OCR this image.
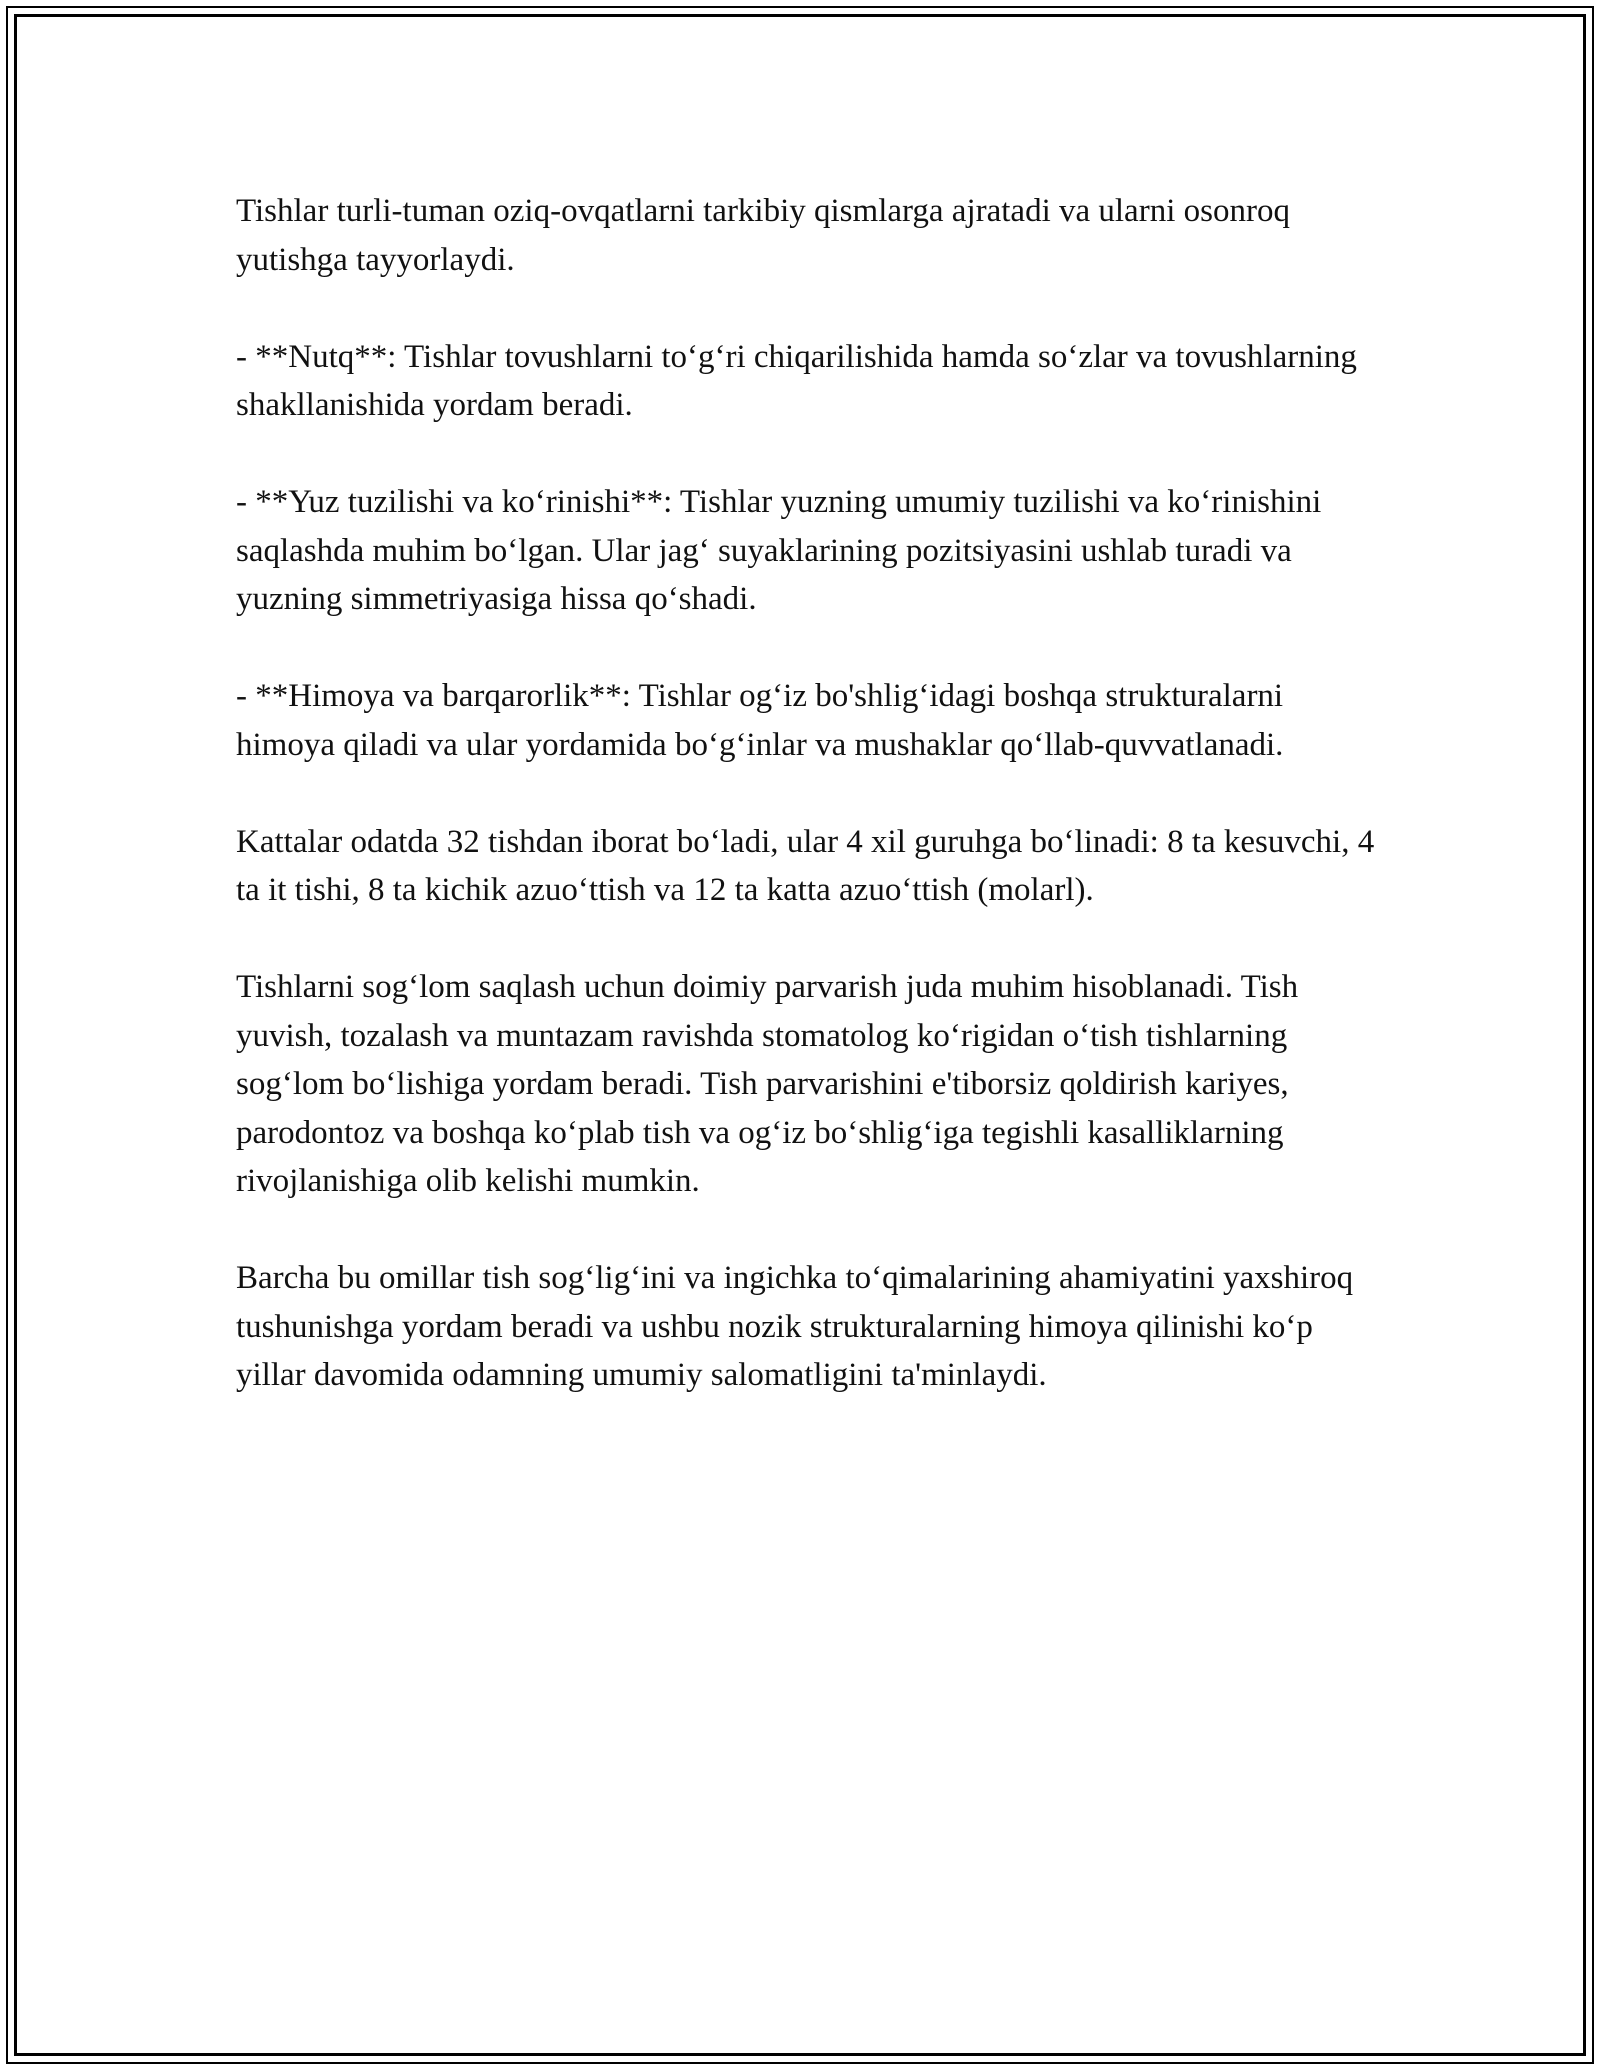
Tishlar turli-tuman oziq-ovqatlarni tarkibiy qismlarga ajratadi va ularni osonroq yutishga tayyorlaydi.

- **Nutq**: Tishlar tovushlarni to‘g‘ri chiqarilishida hamda so‘zlar va tovushlarning shakllanishida yordam beradi.

- **Yuz tuzilishi va ko‘rinishi**: Tishlar yuzning umumiy tuzilishi va ko‘rinishini saqlashda muhim bo‘lgan. Ular jag‘ suyaklarining pozitsiyasini ushlab turadi va yuzning simmetriyasiga hissa qo‘shadi.

- **Himoya va barqarorlik**: Tishlar og‘iz bo'shlig‘idagi boshqa strukturalarni himoya qiladi va ular yordamida bo‘g‘inlar va mushaklar qo‘llab-quvvatlanadi.

Kattalar odatda 32 tishdan iborat bo‘ladi, ular 4 xil guruhga bo‘linadi: 8 ta kesuvchi, 4 ta it tishi, 8 ta kichik azuo‘ttish va 12 ta katta azuo‘ttish (molarl).

Tishlarni sog‘lom saqlash uchun doimiy parvarish juda muhim hisoblanadi. Tish yuvish, tozalash va muntazam ravishda stomatolog ko‘rigidan o‘tish tishlarning sog‘lom bo‘lishiga yordam beradi. Tish parvarishini e'tiborsiz qoldirish kariyes, parodontoz va boshqa ko‘plab tish va og‘iz bo‘shlig‘iga tegishli kasalliklarning rivojlanishiga olib kelishi mumkin.

Barcha bu omillar tish sog‘lig‘ini va ingichka to‘qimalarining ahamiyatini yaxshiroq tushunishga yordam beradi va ushbu nozik strukturalarning himoya qilinishi ko‘p yillar davomida odamning umumiy salomatligini ta'minlaydi.
